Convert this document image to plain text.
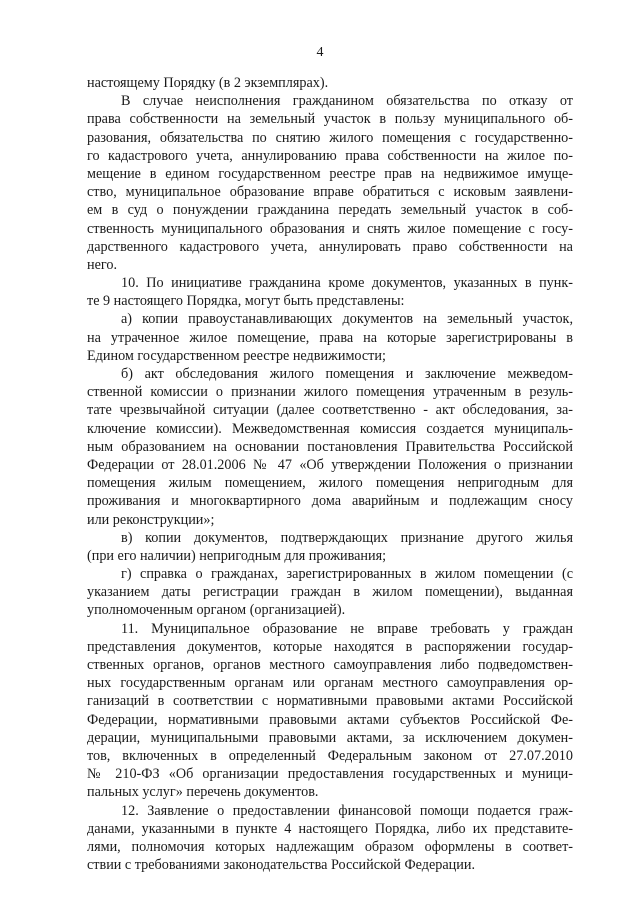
4
настоящему Порядку (в 2 экземплярах).
В случае неисполнения гражданином обязательства по отказу от
права собственности на земельный участок в пользу муниципального об-
разования, обязательства по снятию жилого помещения с государственно-
го кадастрового учета, аннулированию права собственности на жилое по-
мещение в едином государственном реестре прав на недвижимое имуще-
ство, муниципальное образование вправе обратиться с исковым заявлени-
ем в суд о понуждении гражданина передать земельный участок в соб-
ственность муниципального образования и снять жилое помещение с госу-
дарственного кадастрового учета, аннулировать право собственности на
него.
10. По инициативе гражданина кроме документов, указанных в пунк-
те 9 настоящего Порядка, могут быть представлены:
а) копии правоустанавливающих документов на земельный участок,
на утраченное жилое помещение, права на которые зарегистрированы в
Едином государственном реестре недвижимости;
б) акт обследования жилого помещения и заключение межведом-
ственной комиссии о признании жилого помещения утраченным в резуль-
тате чрезвычайной ситуации (далее соответственно - акт обследования, за-
ключение комиссии). Межведомственная комиссия создается муниципаль-
ным образованием на основании постановления Правительства Российской
Федерации от 28.01.2006 № 47 «Об утверждении Положения о признании
помещения жилым помещением, жилого помещения непригодным для
проживания и многоквартирного дома аварийным и подлежащим сносу
или реконструкции»;
в) копии документов, подтверждающих признание другого жилья
(при его наличии) непригодным для проживания;
г) справка о гражданах, зарегистрированных в жилом помещении (с
указанием даты регистрации граждан в жилом помещении), выданная
уполномоченным органом (организацией).
11. Муниципальное образование не вправе требовать у граждан
представления документов, которые находятся в распоряжении государ-
ственных органов, органов местного самоуправления либо подведомствен-
ных государственным органам или органам местного самоуправления ор-
ганизаций в соответствии с нормативными правовыми актами Российской
Федерации, нормативными правовыми актами субъектов Российской Фе-
дерации, муниципальными правовыми актами, за исключением докумен-
тов, включенных в определенный Федеральным законом от 27.07.2010
№ 210-ФЗ «Об организации предоставления государственных и муници-
пальных услуг» перечень документов.
12. Заявление о предоставлении финансовой помощи подается граж-
данами, указанными в пункте 4 настоящего Порядка, либо их представите-
лями, полномочия которых надлежащим образом оформлены в соответ-
ствии с требованиями законодательства Российской Федерации.
